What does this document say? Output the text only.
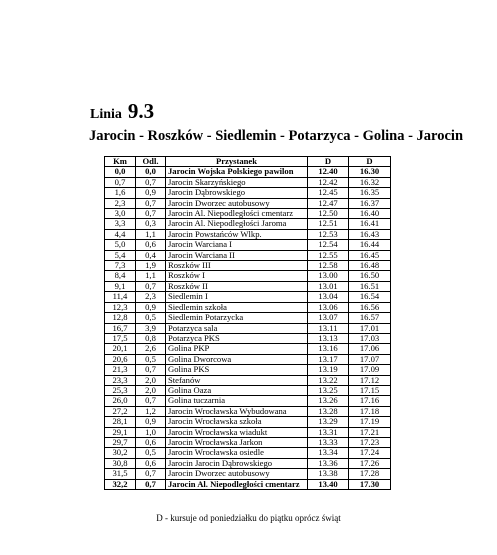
Linia 9.3
Jarocin - Roszków - Siedlemin - Potarzyca - Golina - Jarocin
Km	Odl.	Przystanek	D	D
0,0	0,0	Jarocin Wojska Polskiego pawilon	12.40	16.30
0,7	0,7	Jarocin Skarzyńskiego	12.42	16.32
1,6	0,9	Jarocin Dąbrowskiego	12.45	16.35
2,3	0,7	Jarocin Dworzec autobusowy	12.47	16.37
3,0	0,7	Jarocin Al. Niepodległości cmentarz	12.50	16.40
3,3	0,3	Jarocin Al. Niepodległości Jaroma	12.51	16.41
4,4	1,1	Jarocin Powstańców Wlkp.	12.53	16.43
5,0	0,6	Jarocin Warciana I	12.54	16.44
5,4	0,4	Jarocin Warciana II	12.55	16.45
7,3	1,9	Roszków III	12.58	16.48
8,4	1,1	Roszków I	13.00	16.50
9,1	0,7	Roszków II	13.01	16.51
11,4	2,3	Siedlemin I	13.04	16.54
12,3	0,9	Siedlemin szkoła	13.06	16.56
12,8	0,5	Siedlemin Potarzycka	13.07	16.57
16,7	3,9	Potarzyca sala	13.11	17.01
17,5	0,8	Potarzyca PKS	13.13	17.03
20,1	2,6	Golina PKP	13.16	17.06
20,6	0,5	Golina Dworcowa	13.17	17.07
21,3	0,7	Golina PKS	13.19	17.09
23,3	2,0	Stefanów	13.22	17.12
25,3	2,0	Golina Oaza	13.25	17.15
26,0	0,7	Golina tuczarnia	13.26	17.16
27,2	1,2	Jarocin Wrocławska Wybudowana	13.28	17.18
28,1	0,9	Jarocin Wrocławska szkoła	13.29	17.19
29,1	1,0	Jarocin Wrocławska wiadukt	13.31	17.21
29,7	0,6	Jarocin Wrocławska Jarkon	13.33	17.23
30,2	0,5	Jarocin Wrocławska osiedle	13.34	17.24
30,8	0,6	Jarocin Jarocin Dąbrowskiego	13.36	17.26
31,5	0,7	Jarocin Dworzec autobusowy	13.38	17.28
32,2	0,7	Jarocin Al. Niepodległości cmentarz	13.40	17.30
D - kursuje od poniedziałku do piątku oprócz świąt
